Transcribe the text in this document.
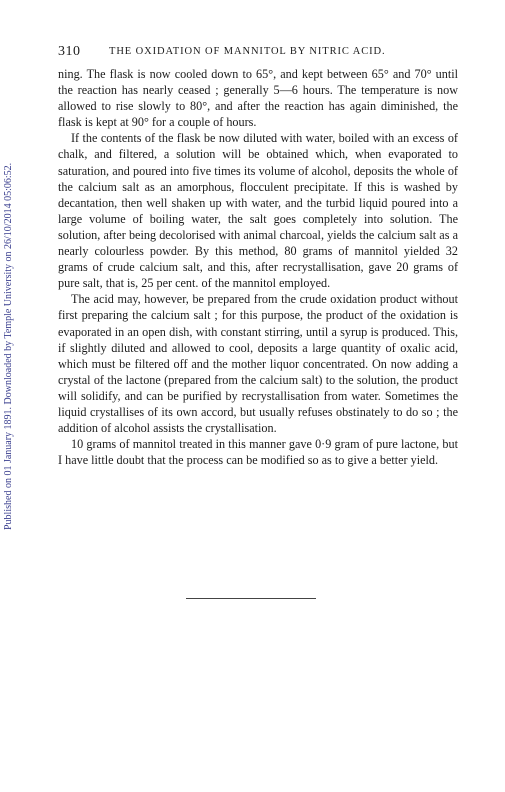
Published on 01 January 1891. Downloaded by Temple University on 26/10/2014 05:06:52.
310	THE OXIDATION OF MANNITOL BY NITRIC ACID.

ning. The flask is now cooled down to 65°, and kept between 65° and 70° until the reaction has nearly ceased ; generally 5—6 hours. The temperature is now allowed to rise slowly to 80°, and after the reaction has again diminished, the flask is kept at 90° for a couple of hours.

If the contents of the flask be now diluted with water, boiled with an excess of chalk, and filtered, a solution will be obtained which, when evaporated to saturation, and poured into five times its volume of alcohol, deposits the whole of the calcium salt as an amorphous, flocculent precipitate. If this is washed by decantation, then well shaken up with water, and the turbid liquid poured into a large volume of boiling water, the salt goes completely into solution. The solution, after being decolorised with animal charcoal, yields the calcium salt as a nearly colourless powder. By this method, 80 grams of mannitol yielded 32 grams of crude calcium salt, and this, after recrystallisation, gave 20 grams of pure salt, that is, 25 per cent. of the mannitol employed.

The acid may, however, be prepared from the crude oxidation product without first preparing the calcium salt ; for this purpose, the product of the oxidation is evaporated in an open dish, with constant stirring, until a syrup is produced. This, if slightly diluted and allowed to cool, deposits a large quantity of oxalic acid, which must be filtered off and the mother liquor concentrated. On now adding a crystal of the lactone (prepared from the calcium salt) to the solution, the product will solidify, and can be purified by recrystallisation from water. Sometimes the liquid crystallises of its own accord, but usually refuses obstinately to do so ; the addition of alcohol assists the crystallisation.

10 grams of mannitol treated in this manner gave 0·9 gram of pure lactone, but I have little doubt that the process can be modified so as to give a better yield.
